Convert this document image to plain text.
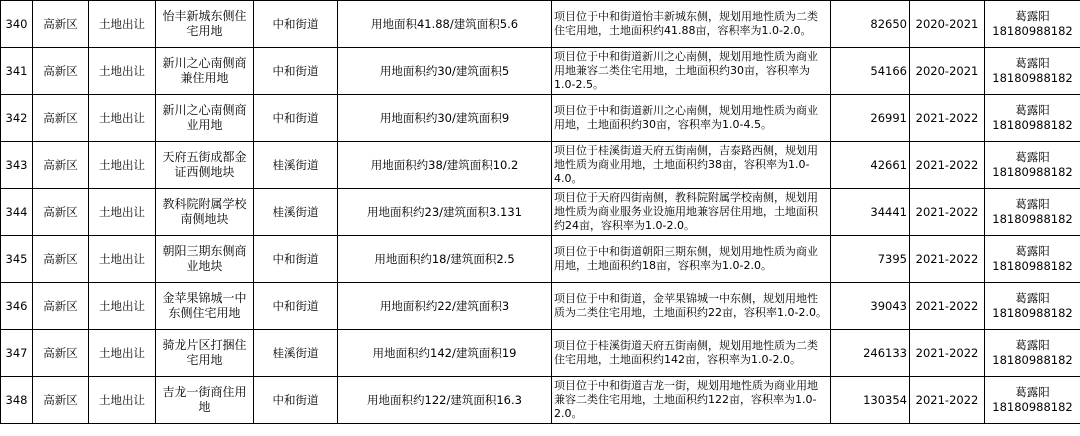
340	高新区	土地出让	怡丰新城东侧住宅用地	中和街道	用地面积41.88/建筑面积5.6	项目位于中和街道怡丰新城东侧，规划用地性质为二类住宅用地，土地面积约41.88亩，容积率为1.0-2.0。	82650	2020-2021	葛露阳
18180988182

341	高新区	土地出让	新川之心南侧商兼住用地	中和街道	用地面积约30/建筑面积5	项目位于中和街道新川之心南侧，规划用地性质为商业用地兼容二类住宅用地，土地面积约30亩，容积率为1.0-2.5。	54166	2020-2021	葛露阳
18180988182

342	高新区	土地出让	新川之心南侧商业用地	中和街道	用地面积约30/建筑面积9	项目位于中和街道新川之心南侧，规划用地性质为商业用地，土地面积约30亩，容积率为1.0-4.5。	26991	2021-2022	葛露阳
18180988182

343	高新区	土地出让	天府五街成都金证西侧地块	桂溪街道	用地面积约38/建筑面积10.2	项目位于桂溪街道天府五街南侧，吉泰路西侧，规划用地性质为商业用地，土地面积约38亩，容积率为1.0-4.0。	42661	2021-2022	葛露阳
18180988182

344	高新区	土地出让	教科院附属学校南侧地块	桂溪街道	用地面积约23/建筑面积3.131	项目位于天府四街南侧，教科院附属学校南侧，规划用地性质为商业服务业设施用地兼容居住用地，土地面积约24亩，容积率为1.0-2.0。	34441	2021-2022	葛露阳
18180988182

345	高新区	土地出让	朝阳三期东侧商业地块	中和街道	用地面积约18/建筑面积2.5	项目位于中和街道朝阳三期东侧，规划用地性质为商业用地，土地面积约18亩，容积率为1.0-2.0。	7395	2021-2022	葛露阳
18180988182

346	高新区	土地出让	金苹果锦城一中东侧住宅用地	中和街道	用地面积约22/建筑面积3	项目位于中和街道，金苹果锦城一中东侧，规划用地性质为二类住宅用地，土地面积约22亩，容积率1.0-2.0。	39043	2021-2022	葛露阳
18180988182

347	高新区	土地出让	骑龙片区打捆住宅用地	桂溪街道	用地面积约142/建筑面积19	项目位于桂溪街道天府五街南侧，规划用地性质为二类住宅用地，土地面积约142亩，容积率为1.0-2.0。	246133	2021-2022	葛露阳
18180988182

348	高新区	土地出让	吉龙一街商住用地	中和街道	用地面积约122/建筑面积16.3	项目位于中和街道吉龙一街，规划用地性质为商业用地兼容二类住宅用地，土地面积约122亩，容积率为1.0-2.0。	130354	2021-2022	葛露阳
18180988182
